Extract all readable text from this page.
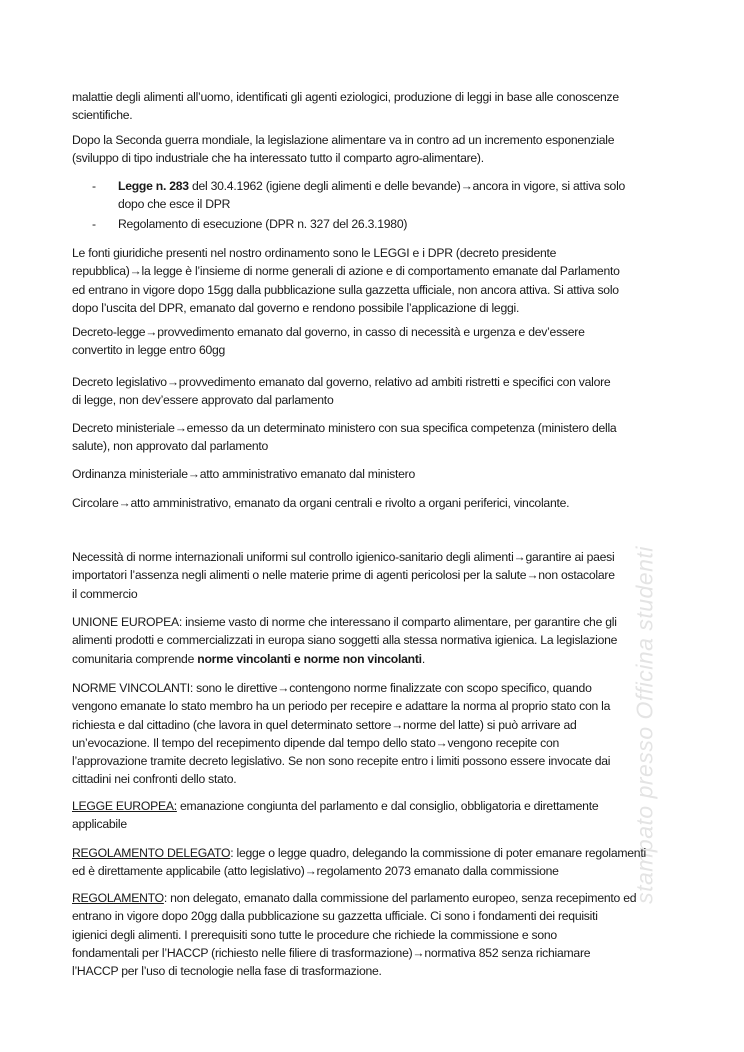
stampato presso Officina studenti
malattie degli alimenti all’uomo, identificati gli agenti eziologici, produzione di leggi in base alle conoscenze
scientifiche.
Dopo la Seconda guerra mondiale, la legislazione alimentare va in contro ad un incremento esponenziale
(sviluppo di tipo industriale che ha interessato tutto il comparto agro-alimentare).
- Legge n. 283 del 30.4.1962 (igiene degli alimenti e delle bevande)→ancora in vigore, si attiva solo
dopo che esce il DPR
- Regolamento di esecuzione (DPR n. 327 del 26.3.1980)
Le fonti giuridiche presenti nel nostro ordinamento sono le LEGGI e i DPR (decreto presidente
repubblica)→la legge è l’insieme di norme generali di azione e di comportamento emanate dal Parlamento
ed entrano in vigore dopo 15gg dalla pubblicazione sulla gazzetta ufficiale, non ancora attiva. Si attiva solo
dopo l’uscita del DPR, emanato dal governo e rendono possibile l’applicazione di leggi.
Decreto-legge→provvedimento emanato dal governo, in casso di necessità e urgenza e dev’essere
convertito in legge entro 60gg
Decreto legislativo→provvedimento emanato dal governo, relativo ad ambiti ristretti e specifici con valore
di legge, non dev’essere approvato dal parlamento
Decreto ministeriale→emesso da un determinato ministero con sua specifica competenza (ministero della
salute), non approvato dal parlamento
Ordinanza ministeriale→atto amministrativo emanato dal ministero
Circolare→atto amministrativo, emanato da organi centrali e rivolto a organi periferici, vincolante.
Necessità di norme internazionali uniformi sul controllo igienico-sanitario degli alimenti→garantire ai paesi
importatori l’assenza negli alimenti o nelle materie prime di agenti pericolosi per la salute→non ostacolare
il commercio
UNIONE EUROPEA: insieme vasto di norme che interessano il comparto alimentare, per garantire che gli
alimenti prodotti e commercializzati in europa siano soggetti alla stessa normativa igienica. La legislazione
comunitaria comprende norme vincolanti e norme non vincolanti.
NORME VINCOLANTI: sono le direttive→contengono norme finalizzate con scopo specifico, quando
vengono emanate lo stato membro ha un periodo per recepire e adattare la norma al proprio stato con la
richiesta e dal cittadino (che lavora in quel determinato settore→norme del latte) si può arrivare ad
un’evocazione. Il tempo del recepimento dipende dal tempo dello stato→vengono recepite con
l’approvazione tramite decreto legislativo. Se non sono recepite entro i limiti possono essere invocate dai
cittadini nei confronti dello stato.
LEGGE EUROPEA: emanazione congiunta del parlamento e dal consiglio, obbligatoria e direttamente
applicabile
REGOLAMENTO DELEGATO: legge o legge quadro, delegando la commissione di poter emanare regolamenti
ed è direttamente applicabile (atto legislativo)→regolamento 2073 emanato dalla commissione
REGOLAMENTO: non delegato, emanato dalla commissione del parlamento europeo, senza recepimento ed
entrano in vigore dopo 20gg dalla pubblicazione su gazzetta ufficiale. Ci sono i fondamenti dei requisiti
igienici degli alimenti. I prerequisiti sono tutte le procedure che richiede la commissione e sono
fondamentali per l’HACCP (richiesto nelle filiere di trasformazione)→normativa 852 senza richiamare
l’HACCP per l’uso di tecnologie nella fase di trasformazione.
